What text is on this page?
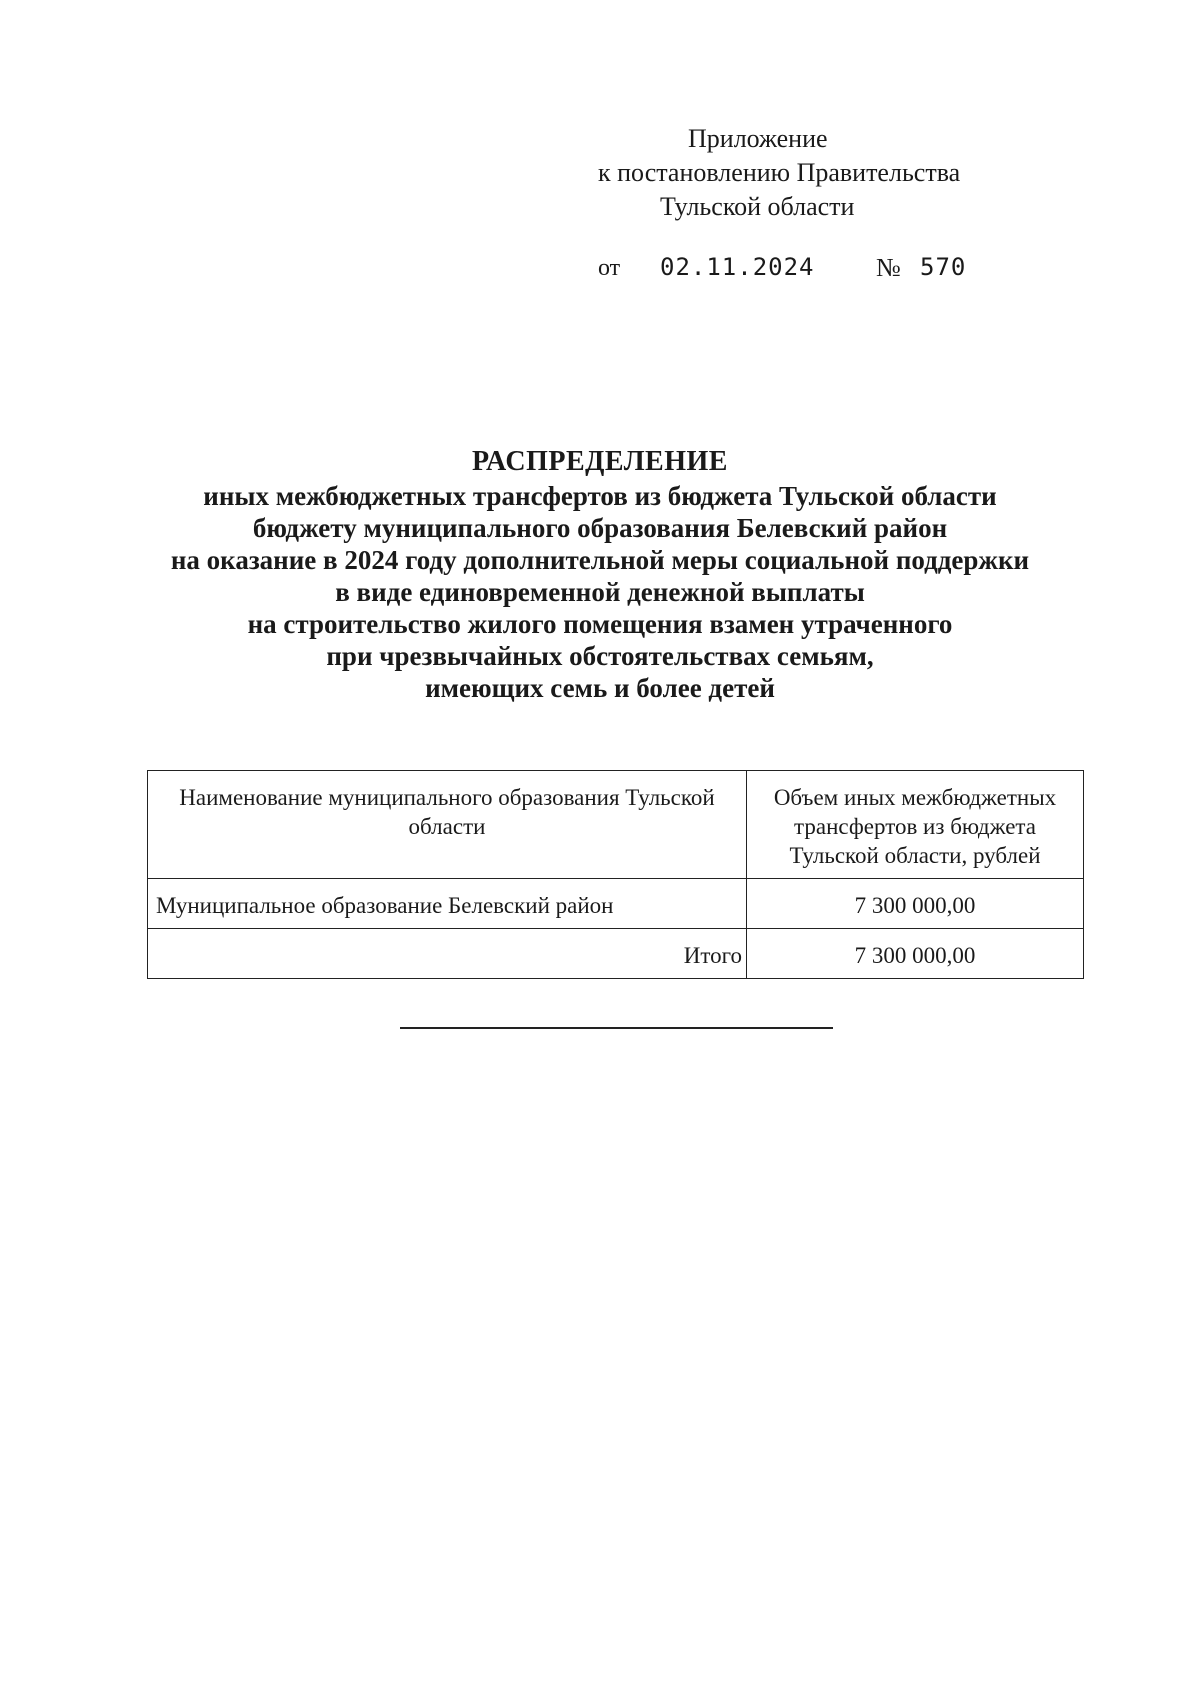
Приложение
к постановлению Правительства
Тульской области
от 02.11.2024 № 570
РАСПРЕДЕЛЕНИЕ
иных межбюджетных трансфертов из бюджета Тульской области
бюджету муниципального образования Белевский район
на оказание в 2024 году дополнительной меры социальной поддержки
в виде единовременной денежной выплаты
на строительство жилого помещения взамен утраченного
при чрезвычайных обстоятельствах семьям,
имеющих семь и более детей
Наименование муниципального образования Тульской области	Объем иных межбюджетных трансфертов из бюджета Тульской области, рублей
Муниципальное образование Белевский район	7 300 000,00
Итого	7 300 000,00
